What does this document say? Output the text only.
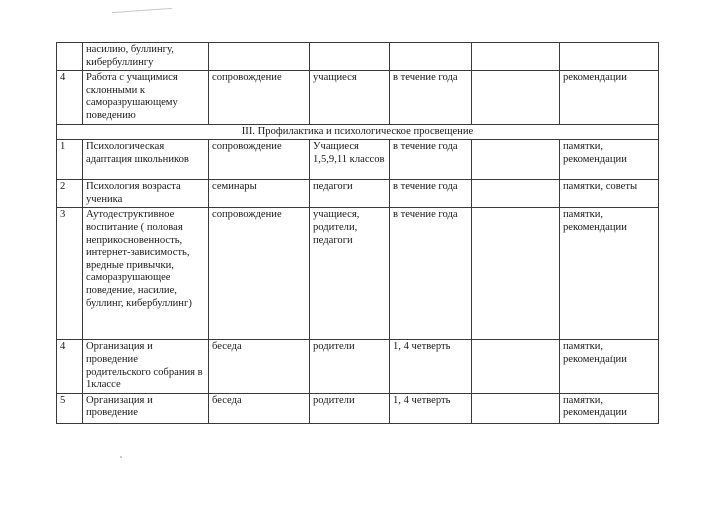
	насилию, буллингу, кибербуллингу					
4	Работа с учащимися склонными к саморазрушающему поведению	сопровождение	учащиеся	в течение года		рекомендации
III. Профилактика и психологическое просвещение						
1	Психологическая адаптация школьников	сопровождение	Учащиеся 1,5,9,11 классов	в течение года		памятки, рекомендации
2	Психология возраста ученика	семинары	педагоги	в течение года		памятки, советы
3	Аутодеструктивное воспитание ( половая неприкосновенность, интернет-зависимость, вредные привычки, саморазрушающее поведение, насилие, буллинг, кибербуллинг)	сопровождение	учащиеся, родители, педагоги	в течение года		памятки, рекомендации
4	Организация и проведение родительского собрания в 1классе	беседа	родители	1, 4 четверть		памятки, рекомендации
5	Организация и проведение	беседа	родители	1, 4 четверть		памятки, рекомендации
